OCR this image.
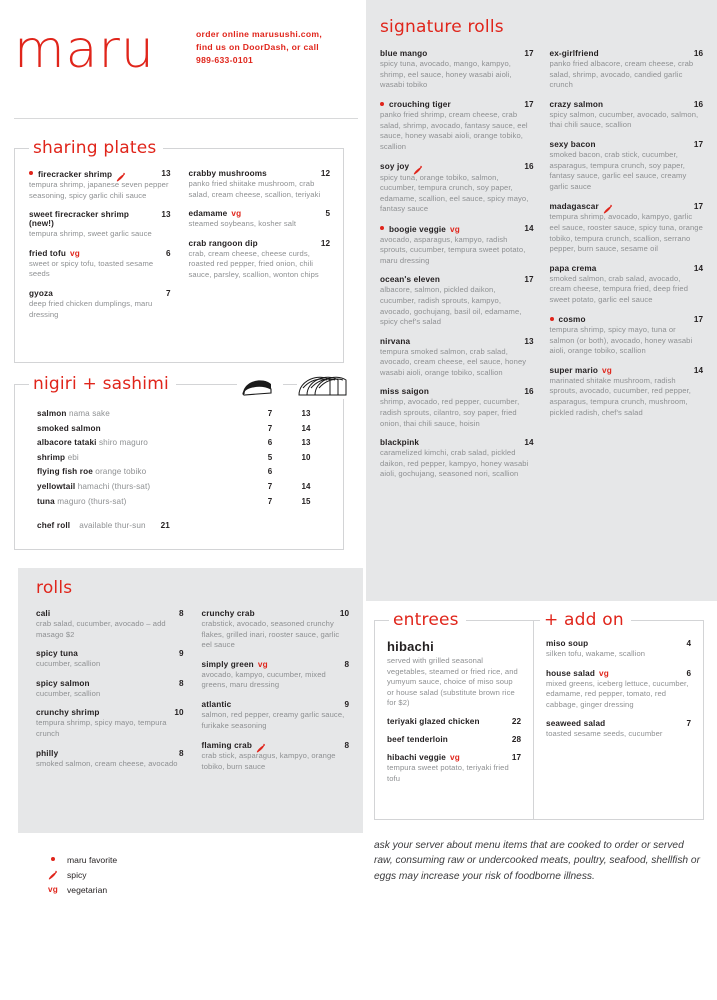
maru	order online marusushi.com,
find us on DoorDash, or call
989-633-0101
sharing plates
firecracker shrimp	13
tempura shrimp, japanese seven pepper seasoning, spicy garlic chili sauce
sweet firecracker shrimp (new!)
13
tempura shrimp, sweet garlic sauce
fried tofu vg	6
sweet or spicy tofu, toasted sesame seeds
gyoza	7
deep fried chicken dumplings, maru dressing
crabby mushrooms	12
panko fried shiitake mushroom, crab salad, cream cheese, scallion, teriyaki
edamame vg	5
steamed soybeans, kosher salt
crab rangoon dip	12
crab, cream cheese, cheese curds, roasted red pepper, fried onion, chili sauce, parsley, scallion, wonton chips
nigiri + sashimi
salmon nama sake	7	13
smoked salmon	7	14
albacore tataki shiro maguro	6	13
shrimp ebi	5	10
flying fish roe orange tobiko	6
yellowtail hamachi (thurs-sat)	7	14
tuna maguro (thurs-sat)	7	15
chef roll available thur-sun	21
rolls
cali	8
crab salad, cucumber, avocado – add masago $2
spicy tuna	9
cucumber, scallion
spicy salmon	8
cucumber, scallion
crunchy shrimp	10
tempura shrimp, spicy mayo, tempura crunch
philly	8
smoked salmon, cream cheese, avocado
crunchy crab	10
crabstick, avocado, seasoned crunchy flakes, grilled inari, rooster sauce, garlic eel sauce
simply green vg	8
avocado, kampyo, cucumber, mixed greens, maru dressing
atlantic	9
salmon, red pepper, creamy garlic sauce, furikake seasoning
flaming crab	8
crab stick, asparagus, kampyo, orange tobiko, burn sauce
maru favorite
spicy
vg vegetarian
signature rolls
blue mango	17
spicy tuna, avocado, mango, kampyo, shrimp, eel sauce, honey wasabi aioli, wasabi tobiko
crouching tiger	17
panko fried shrimp, cream cheese, crab salad, shrimp, avocado, fantasy sauce, eel sauce, honey wasabi aioli, orange tobiko, scallion
soy joy	16
spicy tuna, orange tobiko, salmon, cucumber, tempura crunch, soy paper, edamame, scallion, eel sauce, spicy mayo, fantasy sauce
boogie veggie vg	14
avocado, asparagus, kampyo, radish sprouts, cucumber, tempura sweet potato, maru dressing
ocean's eleven	17
albacore, salmon, pickled daikon, cucumber, radish sprouts, kampyo, avocado, gochujang, basil oil, edamame, spicy chef's salad
nirvana	13
tempura smoked salmon, crab salad, avocado, cream cheese, eel sauce, honey wasabi aioli, orange tobiko, scallion
miss saigon	16
shrimp, avocado, red pepper, cucumber, radish sprouts, cilantro, soy paper, fried onion, thai chili sauce, hoisin
blackpink	14
caramelized kimchi, crab salad, pickled daikon, red pepper, kampyo, honey wasabi aioli, gochujang, seasoned nori, scallion
ex-girlfriend	16
panko fried albacore, cream cheese, crab salad, shrimp, avocado, candied garlic crunch
crazy salmon	16
spicy salmon, cucumber, avocado, salmon, thai chili sauce, scallion
sexy bacon	17
smoked bacon, crab stick, cucumber, asparagus, tempura crunch, soy paper, fantasy sauce, garlic eel sauce, creamy garlic sauce
madagascar	17
tempura shrimp, avocado, kampyo, garlic eel sauce, rooster sauce, spicy tuna, orange tobiko, tempura crunch, scallion, serrano pepper, burn sauce, sesame oil
papa crema	14
smoked salmon, crab salad, avocado, cream cheese, tempura fried, deep fried sweet potato, garlic eel sauce
cosmo	17
tempura shrimp, spicy mayo, tuna or salmon (or both), avocado, honey wasabi aioli, orange tobiko, scallion
super mario vg	14
marinated shitake mushroom, radish sprouts, avocado, cucumber, red pepper, asparagus, tempura crunch, mushroom, pickled radish, chef's salad
entrees
hibachi
served with grilled seasonal vegetables, steamed or fried rice, and yumyum sauce, choice of miso soup or house salad (substitute brown rice for $2)
teriyaki glazed chicken	22
beef tenderloin	28
hibachi veggie vg	17
tempura sweet potato, teriyaki fried tofu
+ add on
miso soup	4
silken tofu, wakame, scallion
house salad vg	6
mixed greens, iceberg lettuce, cucumber, edamame, red pepper, tomato, red cabbage, ginger dressing
seaweed salad	7
toasted sesame seeds, cucumber
ask your server about menu items that are cooked to order or served raw, consuming raw or undercooked meats, poultry, seafood, shellfish or eggs may increase your risk of foodborne illness.
